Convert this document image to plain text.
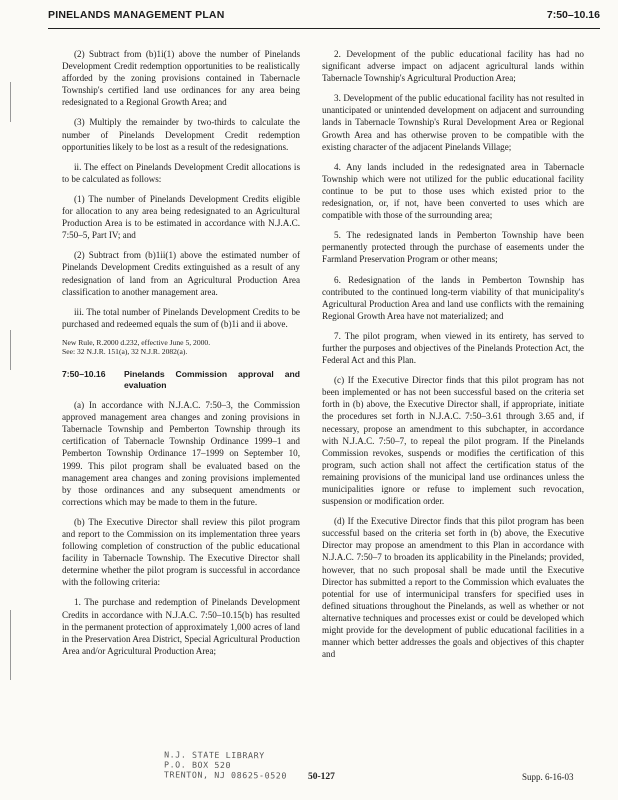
PINELANDS MANAGEMENT PLAN	7:50–10.16

(2) Subtract from (b)1i(1) above the number of Pinelands Development Credit redemption opportunities to be realistically afforded by the zoning provisions contained in Tabernacle Township's certified land use ordinances for any area being redesignated to a Regional Growth Area; and

(3) Multiply the remainder by two-thirds to calculate the number of Pinelands Development Credit redemption opportunities likely to be lost as a result of the redesignations.

ii. The effect on Pinelands Development Credit allocations is to be calculated as follows:

(1) The number of Pinelands Development Credits eligible for allocation to any area being redesignated to an Agricultural Production Area is to be estimated in accordance with N.J.A.C. 7:50–5, Part IV; and

(2) Subtract from (b)1ii(1) above the estimated number of Pinelands Development Credits extinguished as a result of any redesignation of land from an Agricultural Production Area classification to another management area.

iii. The total number of Pinelands Development Credits to be purchased and redeemed equals the sum of (b)1i and ii above.

New Rule, R.2000 d.232, effective June 5, 2000.
See: 32 N.J.R. 151(a), 32 N.J.R. 2082(a).
7:50–10.16	Pinelands Commission approval and evaluation

(a) In accordance with N.J.A.C. 7:50–3, the Commission approved management area changes and zoning provisions in Tabernacle Township and Pemberton Township through its certification of Tabernacle Township Ordinance 1999–1 and Pemberton Township Ordinance 17–1999 on September 10, 1999. This pilot program shall be evaluated based on the management area changes and zoning provisions implemented by those ordinances and any subsequent amendments or corrections which may be made to them in the future.

(b) The Executive Director shall review this pilot program and report to the Commission on its implementation three years following completion of construction of the public educational facility in Tabernacle Township. The Executive Director shall determine whether the pilot program is successful in accordance with the following criteria:

1. The purchase and redemption of Pinelands Development Credits in accordance with N.J.A.C. 7:50–10.15(b) has resulted in the permanent protection of approximately 1,000 acres of land in the Preservation Area District, Special Agricultural Production Area and/or Agricultural Production Area;

2. Development of the public educational facility has had no significant adverse impact on adjacent agricultural lands within Tabernacle Township's Agricultural Production Area;

3. Development of the public educational facility has not resulted in unanticipated or unintended development on adjacent and surrounding lands in Tabernacle Township's Rural Development Area or Regional Growth Area and has otherwise proven to be compatible with the existing character of the adjacent Pinelands Village;

4. Any lands included in the redesignated area in Tabernacle Township which were not utilized for the public educational facility continue to be put to those uses which existed prior to the redesignation, or, if not, have been converted to uses which are compatible with those of the surrounding area;

5. The redesignated lands in Pemberton Township have been permanently protected through the purchase of easements under the Farmland Preservation Program or other means;

6. Redesignation of the lands in Pemberton Township has contributed to the continued long-term viability of that municipality's Agricultural Production Area and land use conflicts with the remaining Regional Growth Area have not materialized; and

7. The pilot program, when viewed in its entirety, has served to further the purposes and objectives of the Pinelands Protection Act, the Federal Act and this Plan.

(c) If the Executive Director finds that this pilot program has not been implemented or has not been successful based on the criteria set forth in (b) above, the Executive Director shall, if appropriate, initiate the procedures set forth in N.J.A.C. 7:50–3.61 through 3.65 and, if necessary, propose an amendment to this subchapter, in accordance with N.J.A.C. 7:50–7, to repeal the pilot program. If the Pinelands Commission revokes, suspends or modifies the certification of this program, such action shall not affect the certification status of the remaining provisions of the municipal land use ordinances unless the municipalities ignore or refuse to implement such revocation, suspension or modification order.

(d) If the Executive Director finds that this pilot program has been successful based on the criteria set forth in (b) above, the Executive Director may propose an amendment to this Plan in accordance with N.J.A.C. 7:50–7 to broaden its applicability in the Pinelands; provided, however, that no such proposal shall be made until the Executive Director has submitted a report to the Commission which evaluates the potential for use of intermunicipal transfers for specified uses in defined situations throughout the Pinelands, as well as whether or not alternative techniques and processes exist or could be developed which might provide for the development of public educational facilities in a manner which better addresses the goals and objectives of this chapter and

N.J. STATE LIBRARY
P.O. BOX 520
TRENTON, NJ 08625-0520 50-127	Supp. 6-16-03
